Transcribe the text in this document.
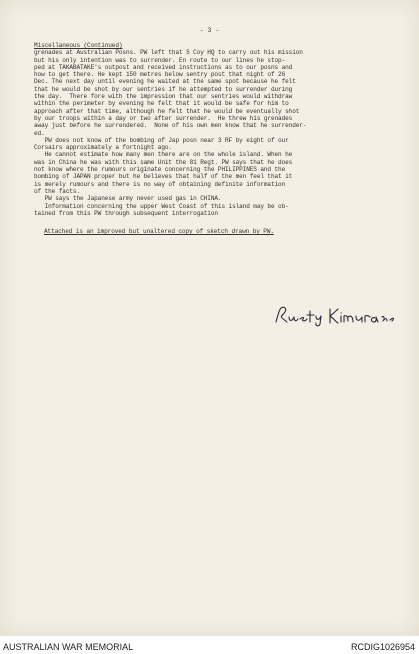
- 3 -
Miscellaneous (Continued)
grenades at Australian Posns. PW left that 5 Coy HQ to carry out his mission
but his only intention was to surrender. En route to our lines he stop-
ped at TAKABATAKE's outpost and received instructions as to our posns and
how to get there. He kept 150 metres below sentry post that night of 26
Dec. The next day until evening he waited at the same spot because he felt
that he would be shot by our sentries if he attempted to surrender during
the day.  There fore with the impression that our sentries would withdraw
within the perimeter by evening he felt that it would be safe for him to
approach after that time, although he felt that he would be eventually shot
by our troops within a day or two after surrender.  He threw his grenades
away just before he surrendered.  None of his own men know that he surrender-
ed.
PW does not know of the bombing of Jap posn near 3 RF by eight of our
Corsairs approximately a fortnight ago.
He cannot estimate how many men there are on the whole island. When he
was in China he was with this same Unit the 81 Regt. PW says that he does
not know where the rumours originate concerning the PHILIPPINES and the
bombing of JAPAN proper but he believes that half of the men feel that it
is merely rumours and there is no way of obtaining definite information
of the facts.
PW says the Japanese army never used gas in CHINA.
Information concerning the upper West Coast of this island may be ob-
tained from this PW through subsequent interrogation
Attached is an improved but unaltered copy of sketch drawn by PW.
AUSTRALIAN WAR MEMORIAL	RCDIG1026954
